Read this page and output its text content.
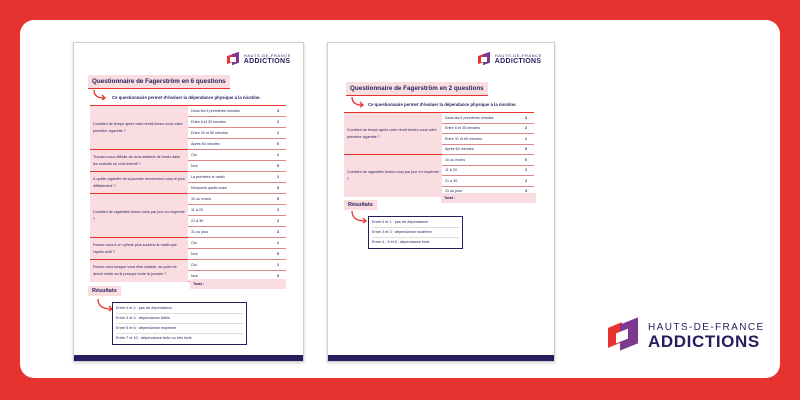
HAUTS-DE-FRANCE
ADDICTIONS
Questionnaire de Fagerström en 6 questions
Ce questionnaire permet d'évaluer la dépendance physique à la nicotine.
Combien de temps après votre réveil fumez-vous votre première cigarette ?	Dans les 5 premières minutes	3
	Entre 6 et 30 minutes	2
	Entre 31 et 60 minutes	1
	Après 60 minutes	0
Trouvez-vous difficile de vous abstenir de fumer dans les endroits où c'est interdit ?	Oui	1
	Non	0
À quelle cigarette de la journée renonceriez-vous le plus difficilement ?	La première le matin	1
	N'importe quelle autre	0
Combien de cigarettes fumez-vous par jour en moyenne ?	10 ou moins	0
	11 à 20	1
	21 à 30	2
	31 ou plus	3
Fumez-vous à un rythme plus soutenu le matin que l'après-midi ?	Oui	1
	Non	0
Fumez-vous lorsque vous êtes malade, au point de devoir rester au lit presque toute la journée ?	Oui	1
	Non	0
Total :
Résultats
Entre 0 et 2 : pas de dépendance
Entre 3 et 4 : dépendance faible
Entre 5 et 6 : dépendance moyenne
Entre 7 et 10 : dépendance forte ou très forte
HAUTS-DE-FRANCE
ADDICTIONS
Questionnaire de Fagerström en 2 questions
Ce questionnaire permet d'évaluer la dépendance physique à la nicotine.
Combien de temps après votre réveil fumez-vous votre première cigarette ?	Dans les 5 premières minutes	3
	Entre 6 et 30 minutes	2
	Entre 31 et 60 minutes	1
	Après 60 minutes	0
Combien de cigarettes fumez-vous par jour en moyenne ?	10 ou moins	0
	11 à 20	1
	21 à 30	2
	31 ou plus	3
Total :
Résultats
Entre 0 et 1 : pas de dépendance
Entre 2 et 3 : dépendance modérée
Entre 4 ; 5 et 6 : dépendance forte
HAUTS-DE-FRANCE
ADDICTIONS
